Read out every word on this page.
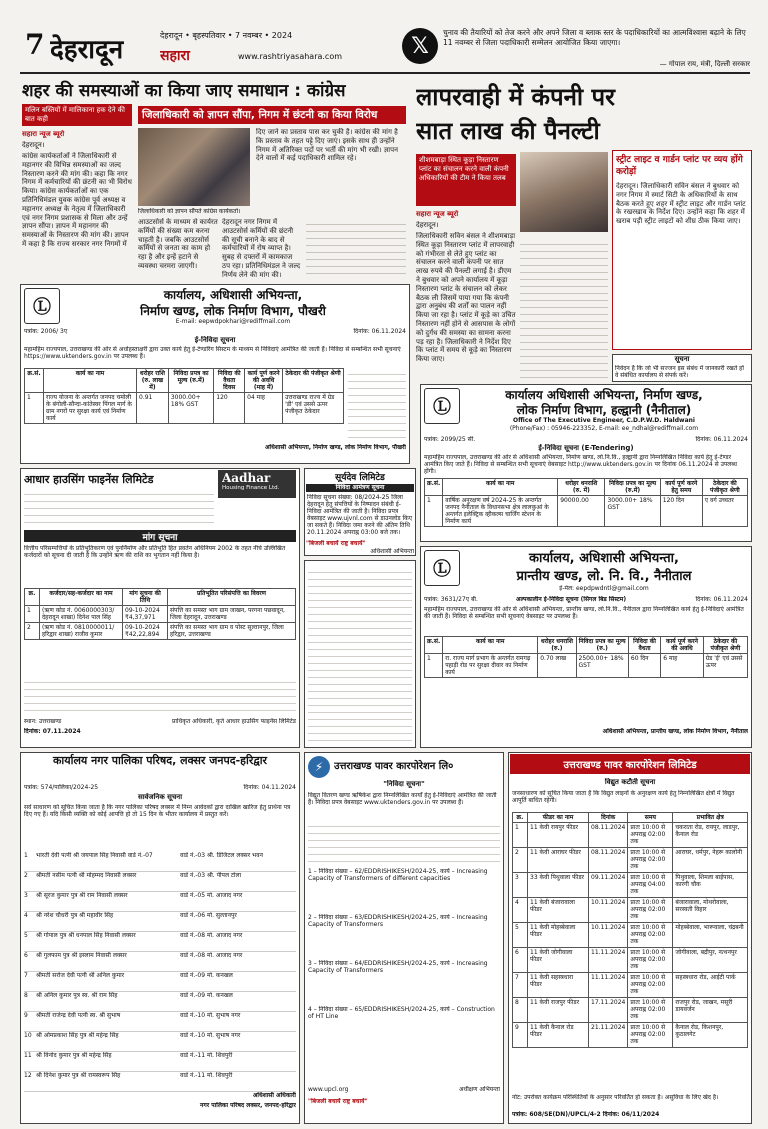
7 देहरादून	देहरादून • बृहस्पतिवार • 7 नवम्बर • 2024
सहारा	www.rashtriyasahara.com	𝕏
चुनाव की तैयारियों को तेज करने और अपने जिला व ब्लाक स्तर के पदाधिकारियों का आत्मविश्वास बढ़ाने के लिए 11 नवम्बर से जिला पदाधिकारी सम्मेलन आयोजित किया जाएगा।
— गोपाल राय, मंत्री, दिल्ली सरकार
शहर की समस्याओं का किया जाए समाधान : कांग्रेस
मलिन बस्तियों में मालिकाना हक देने की बात कही
सहारा न्यूज ब्यूरो
देहरादून।
कांग्रेस कार्यकर्ताओं ने जिलाधिकारी से महानगर की विभिन्न समस्याओं का जल्द निस्तारण करने की मांग की। कहा कि नगर निगम में कर्मचारियों की छंटनी का भी विरोध किया। कांग्रेस कार्यकर्ताओं का एक प्रतिनिधिमंडल युवक कांग्रेस पूर्व अध्यक्ष व महानगर अध्यक्ष के नेतृत्व में जिलाधिकारी एवं नगर निगम प्रशासक से मिला और उन्हें ज्ञापन सौंपा। ज्ञापन में महानगर की समस्याओं के निस्तारण की मांग की। ज्ञापन में कहा है कि राज्य सरकार नगर निगमों में
जिलाधिकारी को ज्ञापन सौंपा, निगम में छंटनी का किया विरोध
जिलाधिकारी को ज्ञापन सौंपते कांग्रेस कार्यकर्ता।
आउटसोर्स के माध्यम से कार्यरत कर्मियों की संख्या कम करना चाहती है। जबकि आउटसोर्स कर्मियों से जनता का काम हो रहा है और इन्हें हटाने से व्यवस्था चरमरा जाएगी।
देहरादून नगर निगम में आउटसोर्स कर्मियों की छंटनी की सूची बनाने के बाद से कर्मचारियों में रोष व्याप्त है। सुबह से दफ्तरों में कामकाज ठप रहा। प्रतिनिधिमंडल ने जल्द निर्णय लेने की मांग की।
दिए जाने का प्रस्ताव पास कर चुकी है। कांग्रेस की मांग है कि प्रस्ताव के तहत पट्टे दिए जाएं। इसके साथ ही उन्होंने निगम में अतिरिक्त पदों पर भर्ती की मांग भी रखी। ज्ञापन देने वालों में कई पदाधिकारी शामिल रहे।
लापरवाही में कंपनी पर
सात लाख की पैनल्टी
शीशमबाड़ा स्थित कूड़ा निस्तारण प्लांट का संचालन करने वाली कंपनी अधिकारियों की टीम ने किया तलब
सहारा न्यूज ब्यूरो
देहरादून।
जिलाधिकारी सविन बंसल ने शीशमबाड़ा स्थित कूड़ा निस्तारण प्लांट में लापरवाही को गंभीरता से लेते हुए प्लांट का संचालन करने वाली कंपनी पर सात लाख रुपये की पैनल्टी लगाई है। डीएम ने बुधवार को अपने कार्यालय में कूड़ा निस्तारण प्लांट के संचालन को लेकर बैठक ली जिसमें पाया गया कि कंपनी द्वारा अनुबंध की शर्तों का पालन नहीं किया जा रहा है। प्लांट में कूड़े का उचित निस्तारण नहीं होने से आसपास के लोगों को दुर्गंध की समस्या का सामना करना पड़ रहा है। जिलाधिकारी ने निर्देश दिए कि प्लांट में समय से कूड़े का निस्तारण किया जाए।
स्ट्रीट लाइट व गार्डन प्लांट पर व्यय होंगे करोड़ों
देहरादून। जिलाधिकारी सविन बंसल ने बुधवार को नगर निगम में स्मार्ट सिटी के अधिकारियों के साथ बैठक करते हुए शहर में स्ट्रीट लाइट और गार्डन प्लांट के रखरखाव के निर्देश दिए। उन्होंने कहा कि शहर में खराब पड़ी स्ट्रीट लाइटों को शीघ्र ठीक किया जाए।
सूचना
निवेदन है कि जो भी सज्जन इस संबंध में जानकारी रखते हों वे संबंधित कार्यालय से संपर्क करें।
Ⓛ
कार्यालय, अधिशासी अभियन्ता,
निर्माण खण्ड, लोक निर्माण विभाग, पौखरी
E-mail: eepwdpokhari@rediffmail.com
पत्रांक: 2006/ 3ए	दिनांक: 06.11.2024
ई-निविदा सूचना
महामहिम राज्यपाल, उत्तराखण्ड की ओर से अधोहस्ताक्षरी द्वारा उक्त कार्य हेतु ई-टेण्डरिंग सिस्टम के माध्यम से निविदाएं आमंत्रित की जाती हैं। निविदा से सम्बन्धित सभी सूचनाएं https://www.uktenders.gov.in पर उपलब्ध हैं।
क्र.सं.	कार्य का नाम	धरोहर राशि (रु. लाख में)	निविदा प्रपत्र का मूल्य (रु.में)	निविदा की वैधता दिवस	कार्य पूर्ण करने की अवधि (माह में)	ठेकेदार की पंजीकृत श्रेणी
1	राज्य योजना के अन्तर्गत जनपद चमोली के बंगोली-सौन्दा-कांतेस्वर पिंगल मार्ग के ग्राम नगरों पर सुरक्षा कार्य एवं निर्माण कार्य	0.91	3000.00+ 18% GST	120	04 माह	उत्तराखण्ड राज्य में ग्रेड 'डी' एवं उससे ऊपर पंजीकृत ठेकेदार
अधिशासी अभियन्ता, निर्माण खण्ड, लोक निर्माण विभाग, पौखरी
आधार हाउसिंग फाइनेंस लिमिटेड	Aadhar
Housing Finance Ltd.
मांग सूचना
वित्तीय परिसम्पत्तियों के प्रतिभूतिकरण एवं पुनर्निर्माण और प्रतिभूति हित प्रवर्तन अधिनियम 2002 के तहत नीचे उल्लिखित कर्जदारों को सूचना दी जाती है कि उन्होंने ऋण की राशि का भुगतान नहीं किया है।
क्र.	कर्जदार/सह-कर्जदार का नाम	मांग सूचना की तिथि	प्रतिभूतित परिसंपत्ति का विवरण
1	(ऋण कोड नं. 0060000303/ देहरादून शाखा) दिनेश पाल सिंह	09-10-2024 ₹4,37,971	संपत्ति का समस्त भाग ग्राम जाखन, परगना पछवादून, जिला देहरादून, उत्तराखण्ड
2	(ऋण कोड नं. 0810000011/ हरिद्वार शाखा) राजीव कुमार	09-10-2024 ₹42,22,894	संपत्ति का समस्त भाग ग्राम व पोस्ट सुल्तानपुर, जिला हरिद्वार, उत्तराखण्ड
स्थान: उत्तराखण्ड
दिनांक: 07.11.2024
प्राधिकृत अधिकारी, कृते आधार हाउसिंग फाइनेंस लिमिटेड
सूर्यदेव लिमिटेड
निविदा आमंत्रण सूचना
निविदा सूचना संख्या: 08/2024-25 जिला देहरादून हेतु संपत्तियों के निष्पादन संबंधी ई-निविदा आमंत्रित की जाती है। निविदा प्रपत्र वेबसाइट www.ujvnl.com से डाउनलोड किए जा सकते हैं। निविदा जमा करने की अंतिम तिथि 20.11.2024 अपराह्न 03:00 बजे तक।
"बिजली बचायें राष्ट्र बचायें"
अधिशासी अभियन्ता
Ⓛ
कार्यालय अधिशासी अभियन्ता, निर्माण खण्ड,
लोक निर्माण विभाग, हल्द्वानी (नैनीताल)
Office of The Executive Engineer, C.D.P.W.D. Haldwani
(Phone/Fax) : 05946-223352, E-mail: ee_ndhal@rediffmail.com
पत्रांक: 2099/25 सी.	दिनांक: 06.11.2024
ई-निविदा सूचना (E-Tendering)
महामहिम राज्यपाल, उत्तराखण्ड की ओर से अधिशासी अभियन्ता, निर्माण खण्ड, लो.नि.वि., हल्द्वानी द्वारा निम्नलिखित निविदा कार्य हेतु ई-टेण्डर आमंत्रित किए जाते हैं। निविदा से सम्बन्धित सभी सूचनाएं वेबसाइट http://www.uktenders.gov.in पर दिनांक 06.11.2024 से उपलब्ध होंगी।
क्र.सं.	कार्य का नाम	धरोहर धनराशि (रु. में)	निविदा प्रपत्र का मूल्य (रु.में)	कार्य पूर्ण करने हेतु समय	ठेकेदार की पंजीकृत श्रेणी
1	वार्षिक अनुरक्षण वर्ष 2024-25 के अन्तर्गत जनपद नैनीताल के विधानसभा क्षेत्र लालकुआं के अन्तर्गत इलेक्ट्रिक व्हीकल्स चार्जिंग स्टेशन के निर्माण कार्य	90000.00	3000.00+ 18% GST	120 दिन	ए वर्ग उच्चतर
Ⓛ
कार्यालय, अधिशासी अभियन्ता,
प्रान्तीय खण्ड, लो. नि. वि., नैनीताल
ई-मेल: eepdpwdntl@gmail.com
पत्रांक: 3631/27ए बी.	अल्पकालीन ई-निविदा सूचना (सिंगल बिड सिस्टम)	दिनांक: 06.11.2024
महामहिम राज्यपाल, उत्तराखण्ड की ओर से अधिशासी अभियन्ता, प्रान्तीय खण्ड, लो.नि.वि., नैनीताल द्वारा निम्नलिखित कार्य हेतु ई-निविदाएं आमंत्रित की जाती हैं। निविदा से सम्बन्धित सभी सूचनाएं वेबसाइट पर उपलब्ध हैं।
क्र.सं.	कार्य का नाम	धरोहर धनराशि (रु.)	निविदा प्रपत्र का मूल्य (रु.)	निविदा की वैधता	कार्य पूर्ण करने की अवधि	ठेकेदार की पंजीकृत श्रेणी
1	रा. राज्य मार्ग प्रभाग के अन्तर्गत रामगढ़ पहाड़ी रोड पर सुरक्षा दीवार का निर्माण कार्य	0.70 लाख	2500.00+ 18% GST	60 दिन	6 माह	ग्रेड 'ई' एवं उससे ऊपर
अधिशासी अभियन्ता, प्रान्तीय खण्ड, लोक निर्माण विभाग, नैनीताल
कार्यालय नगर पालिका परिषद, लक्सर जनपद-हरिद्वार
पत्रांक: 574/पालिका/2024-25	दिनांक: 04.11.2024
सार्वजनिक सूचना
सर्व साधारण को सूचित किया जाता है कि नगर पालिका परिषद लक्सर में निम्न आवेदकों द्वारा दाखिल खारिज हेतु प्रार्थना पत्र दिए गए हैं। यदि किसी व्यक्ति को कोई आपत्ति हो तो 15 दिन के भीतर कार्यालय में प्रस्तुत करें।
1	भारती देवी पत्नी श्री जयपाल सिंह निवासी वार्ड नं.-07	वार्ड नं.-03 श्री. डिजिटल लक्सर भवन
2	श्रीमती नसीम पत्नी श्री मोहम्मद निवासी लक्सर	वार्ड नं.-03 श्री. पीपल टोला
3	श्री सूरज कुमार पुत्र श्री राम निवासी लक्सर	वार्ड नं.-05 मो. आजाद नगर
4	श्री नरेश चौधरी पुत्र श्री महावीर सिंह	वार्ड नं.-06 मो. सुल्तानपुर
5	श्री गोपाल पुत्र श्री धनपाल सिंह निवासी लक्सर	वार्ड नं.-08 मो. आजाद नगर
6	श्री गुलफाम पुत्र श्री इस्लाम निवासी लक्सर	वार्ड नं.-08 मो. आजाद नगर
7	श्रीमती सरोज देवी पत्नी श्री अनिल कुमार	वार्ड नं.-09 मो. कनखल
8	श्री अनिल कुमार पुत्र स्व. श्री राम सिंह	वार्ड नं.-09 मो. कनखल
9	श्रीमती राजेन्द्र देवी पत्नी स्व. श्री सुभाष	वार्ड नं.-10 मो. सुभाष नगर
10 श्री ओमप्रकाश सिंह पुत्र श्री महेन्द्र सिंह	वार्ड नं.-10 मो. सुभाष नगर
11 श्री विनोद कुमार पुत्र श्री महेन्द्र सिंह	वार्ड नं.-11 मो. शिवपुरी
12 श्री दिनेश कुमार पुत्र श्री रामस्वरूप सिंह	वार्ड नं.-11 मो. शिवपुरी
अधिशासी अधिकारी
नगर पालिका परिषद लक्सर, जनपद-हरिद्वार
⚡	उत्तराखण्ड पावर कारपोरेशन लि०
"निविदा सूचना"
विद्युत वितरण खण्ड ऋषिकेश द्वारा निम्नलिखित कार्यों हेतु ई-निविदाएं आमंत्रित की जाती हैं। निविदा प्रपत्र वेबसाइट www.uktenders.gov.in पर उपलब्ध हैं।
1 – निविदा संख्या – 62/EDDRISHIKESH/2024-25, कार्य – Increasing Capacity of Transformers of different capacities
2 – निविदा संख्या – 63/EDDRISHIKESH/2024-25, कार्य – Increasing Capacity of Transformers
3 – निविदा संख्या – 64/EDDRISHIKESH/2024-25, कार्य – Increasing Capacity of Transformers
4 – निविदा संख्या – 65/EDDRISHIKESH/2024-25, कार्य – Construction of HT Line
www.upcl.org
"बिजली बचायें राष्ट्र बचायें"
अधीक्षण अभियन्ता
उत्तराखण्ड पावर कारपोरेशन लिमिटेड
विद्युत कटौती सूचना
जनसाधारण को सूचित किया जाता है कि विद्युत लाइनों के अनुरक्षण कार्य हेतु निम्नलिखित क्षेत्रों में विद्युत आपूर्ति बाधित रहेगी।
क्र.	फीडर का नाम	दिनांक	समय	प्रभावित क्षेत्र
1	11 केवी रायपुर फीडर	08.11.2024	प्रातः 10:00 से अपराह्न 02:00 तक	चकराता रोड, रायपुर, लाडपुर, कैनाल रोड
2	11 केवी आराघर फीडर	08.11.2024	प्रातः 10:00 से अपराह्न 02:00 तक	आराघर, धर्मपुर, नेहरू कालोनी
3	33 केवी पिथुवाला फीडर	09.11.2024	प्रातः 10:00 से अपराह्न 04:00 तक	पिथुवाला, शिमला बाईपास, कारगी चौक
4	11 केवी बंजारावाला फीडर	10.11.2024	प्रातः 10:00 से अपराह्न 02:00 तक	बंजारावाला, मोथरोवाला, सरस्वती विहार
5	11 केवी मोहब्बेवाला फीडर	10.11.2024	प्रातः 10:00 से अपराह्न 02:00 तक	मोहब्बेवाला, भारूवाला, चंद्रबनी
6	11 केवी जोगीवाला फीडर	11.11.2024	प्रातः 10:00 से अपराह्न 02:00 तक	जोगीवाला, बद्रीपुर, नत्थनपुर
7	11 केवी सहस्त्रधारा फीडर	11.11.2024	प्रातः 10:00 से अपराह्न 02:00 तक	सहस्त्रधारा रोड, आईटी पार्क
8	11 केवी राजपुर फीडर	17.11.2024	प्रातः 10:00 से अपराह्न 02:00 तक	राजपुर रोड, जाखन, मसूरी डायवर्जन
9	11 केवी कैनाल रोड फीडर	21.11.2024	प्रातः 10:00 से अपराह्न 02:00 तक	कैनाल रोड, किशनपुर, कुठालगेट
नोट: उपरोक्त कार्यक्रम परिस्थितियों के अनुसार परिवर्तित हो सकता है। असुविधा के लिए खेद है।
पत्रांक: 608/SE(DN)/UPCL/4-2 दिनांक: 06/11/2024
